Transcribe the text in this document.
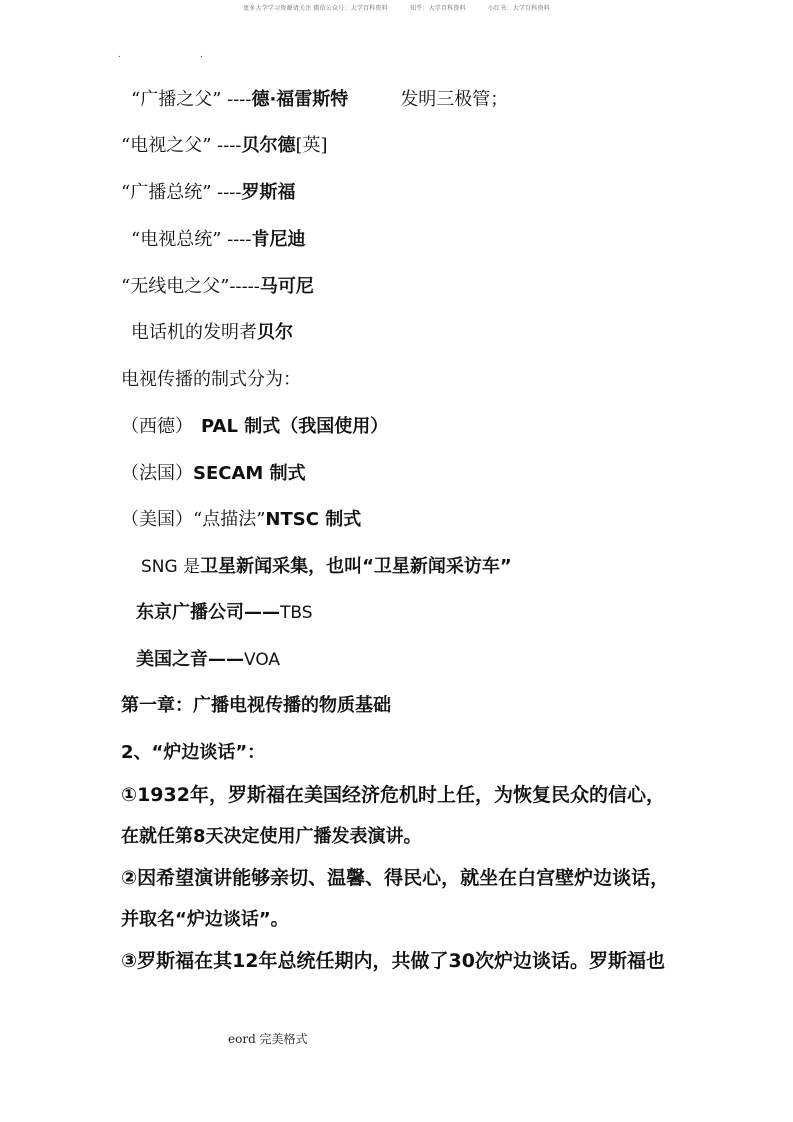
更多大学学习资源请关注 微信公众号：大学百科资料	知乎：大学百科资料	小红书：大学百科资料
.	.
“广播之父” ----德·福雷斯特	发明三极管；
“电视之父” ----贝尔德[英]
“广播总统” ----罗斯福
“电视总统” ----肯尼迪
“无线电之父”-----马可尼
电话机的发明者贝尔
电视传播的制式分为：
（西德） PAL 制式（我国使用）
（法国）SECAM 制式
（美国）“点描法”NTSC 制式
SNG 是卫星新闻采集，也叫“卫星新闻采访车”
东京广播公司——TBS
美国之音——VOA
第一章：广播电视传播的物质基础
2、“炉边谈话”：
①1932年，罗斯福在美国经济危机时上任，为恢复民众的信心，
在就任第8天决定使用广播发表演讲。
②因希望演讲能够亲切、温馨、得民心，就坐在白宫壁炉边谈话，
并取名“炉边谈话”。
③罗斯福在其12年总统任期内，共做了30次炉边谈话。罗斯福也
eord 完美格式
